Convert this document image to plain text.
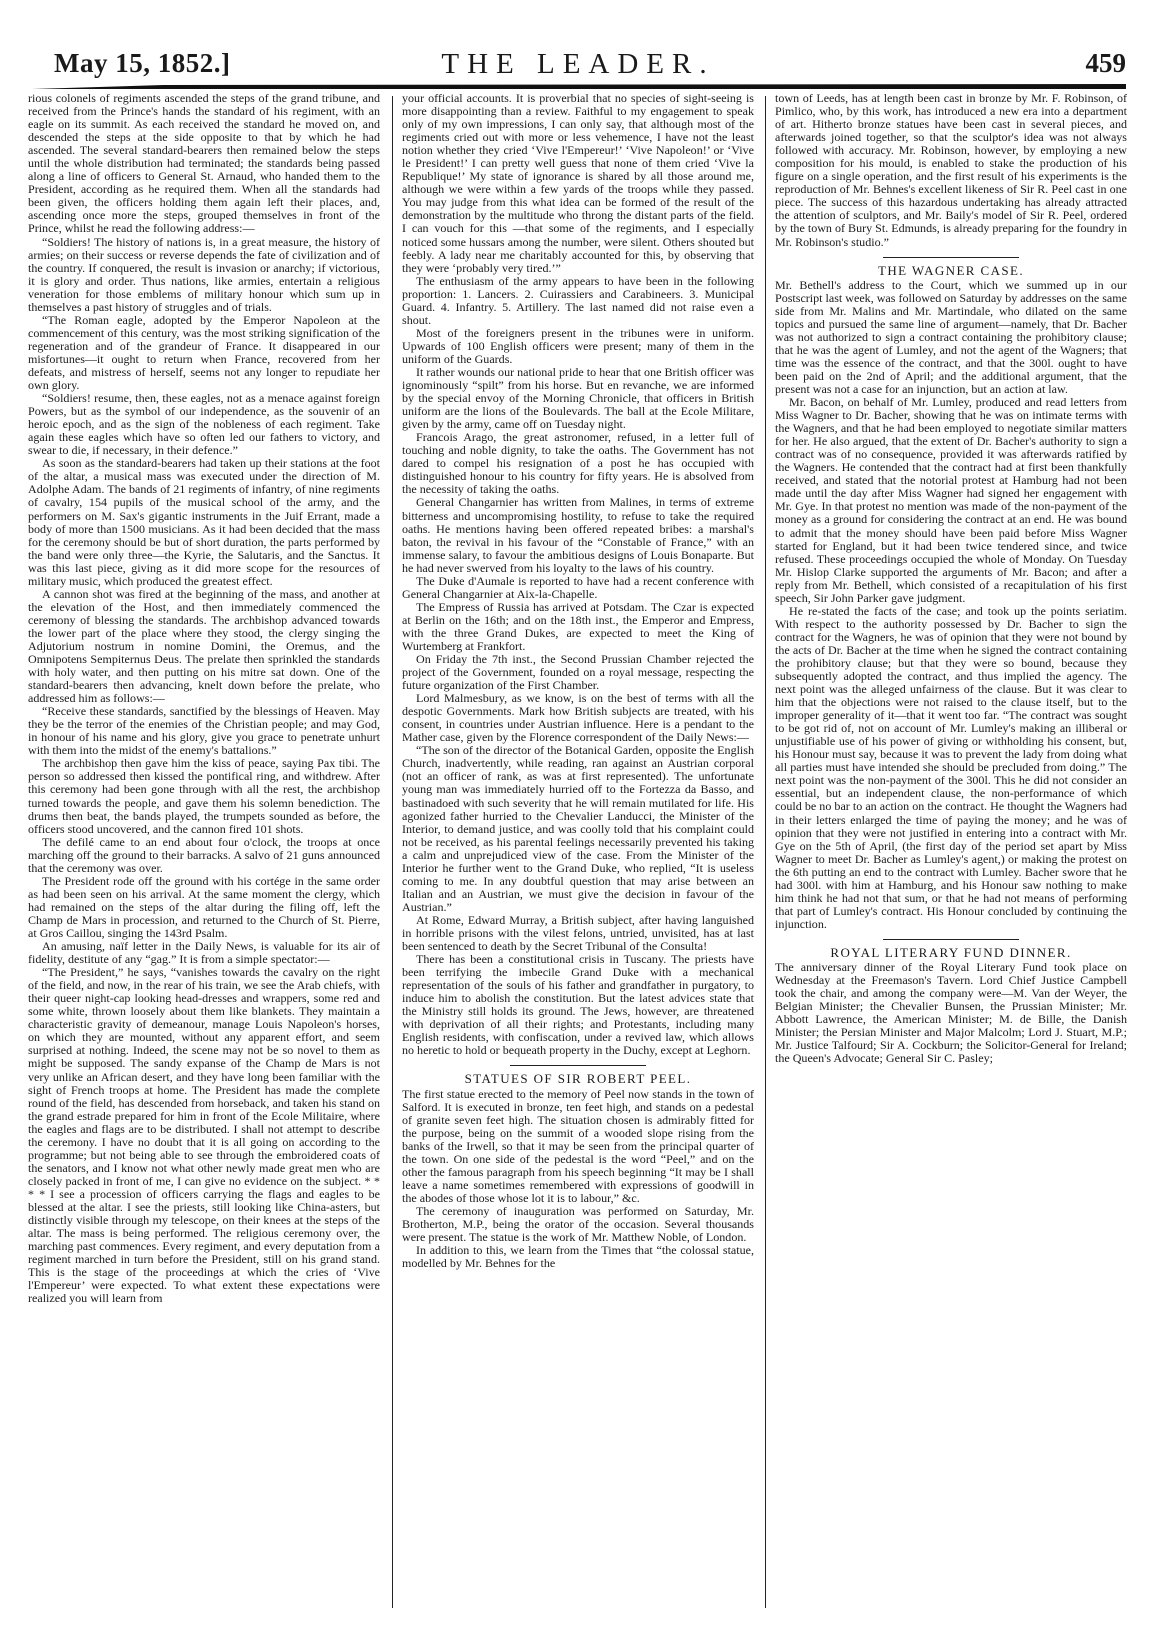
May 15, 1852.]	THE LEADER.	459

rious colonels of regiments ascended the steps of the grand tribune, and received from the Prince's hands the standard of his regiment, with an eagle on its summit. As each received the standard he moved on, and descended the steps at the side opposite to that by which he had ascended. The several standard-bearers then remained below the steps until the whole distribution had terminated; the standards being passed along a line of officers to General St. Arnaud, who handed them to the President, according as he required them. When all the standards had been given, the officers holding them again left their places, and, ascending once more the steps, grouped themselves in front of the Prince, whilst he read the following address:—

“Soldiers! The history of nations is, in a great measure, the history of armies; on their success or reverse depends the fate of civilization and of the country. If conquered, the result is invasion or anarchy; if victorious, it is glory and order. Thus nations, like armies, entertain a religious veneration for those emblems of military honour which sum up in themselves a past history of struggles and of trials.

“The Roman eagle, adopted by the Emperor Napoleon at the commencement of this century, was the most striking signification of the regeneration and of the grandeur of France. It disappeared in our misfortunes—it ought to return when France, recovered from her defeats, and mistress of herself, seems not any longer to repudiate her own glory.

“Soldiers! resume, then, these eagles, not as a menace against foreign Powers, but as the symbol of our independence, as the souvenir of an heroic epoch, and as the sign of the nobleness of each regiment. Take again these eagles which have so often led our fathers to victory, and swear to die, if necessary, in their defence.”

As soon as the standard-bearers had taken up their stations at the foot of the altar, a musical mass was executed under the direction of M. Adolphe Adam. The bands of 21 regiments of infantry, of nine regiments of cavalry, 154 pupils of the musical school of the army, and the performers on M. Sax's gigantic instruments in the Juif Errant, made a body of more than 1500 musicians. As it had been decided that the mass for the ceremony should be but of short duration, the parts performed by the band were only three—the Kyrie, the Salutaris, and the Sanctus. It was this last piece, giving as it did more scope for the resources of military music, which produced the greatest effect.

A cannon shot was fired at the beginning of the mass, and another at the elevation of the Host, and then immediately commenced the ceremony of blessing the standards. The archbishop advanced towards the lower part of the place where they stood, the clergy singing the Adjutorium nostrum in nomine Domini, the Oremus, and the Omnipotens Sempiternus Deus. The prelate then sprinkled the standards with holy water, and then putting on his mitre sat down. One of the standard-bearers then advancing, knelt down before the prelate, who addressed him as follows:—

“Receive these standards, sanctified by the blessings of Heaven. May they be the terror of the enemies of the Christian people; and may God, in honour of his name and his glory, give you grace to penetrate unhurt with them into the midst of the enemy's battalions.”

The archbishop then gave him the kiss of peace, saying Pax tibi. The person so addressed then kissed the pontifical ring, and withdrew. After this ceremony had been gone through with all the rest, the archbishop turned towards the people, and gave them his solemn benediction. The drums then beat, the bands played, the trumpets sounded as before, the officers stood uncovered, and the cannon fired 101 shots.

The defilé came to an end about four o'clock, the troops at once marching off the ground to their barracks. A salvo of 21 guns announced that the ceremony was over.

The President rode off the ground with his cortége in the same order as had been seen on his arrival. At the same moment the clergy, which had remained on the steps of the altar during the filing off, left the Champ de Mars in procession, and returned to the Church of St. Pierre, at Gros Caillou, singing the 143rd Psalm.

An amusing, naïf letter in the Daily News, is valuable for its air of fidelity, destitute of any “gag.” It is from a simple spectator:—

“The President,” he says, “vanishes towards the cavalry on the right of the field, and now, in the rear of his train, we see the Arab chiefs, with their queer night-cap looking head-dresses and wrappers, some red and some white, thrown loosely about them like blankets. They maintain a characteristic gravity of demeanour, manage Louis Napoleon's horses, on which they are mounted, without any apparent effort, and seem surprised at nothing. Indeed, the scene may not be so novel to them as might be supposed. The sandy expanse of the Champ de Mars is not very unlike an African desert, and they have long been familiar with the sight of French troops at home. The President has made the complete round of the field, has descended from horseback, and taken his stand on the grand estrade prepared for him in front of the Ecole Militaire, where the eagles and flags are to be distributed. I shall not attempt to describe the ceremony. I have no doubt that it is all going on according to the programme; but not being able to see through the embroidered coats of the senators, and I know not what other newly made great men who are closely packed in front of me, I can give no evidence on the subject. * * * * I see a procession of officers carrying the flags and eagles to be blessed at the altar. I see the priests, still looking like China-asters, but distinctly visible through my telescope, on their knees at the steps of the altar. The mass is being performed. The religious ceremony over, the marching past commences. Every regiment, and every deputation from a regiment marched in turn before the President, still on his grand stand. This is the stage of the proceedings at which the cries of ‘Vive l'Empereur’ were expected. To what extent these expectations were realized you will learn from

your official accounts. It is proverbial that no species of sight-seeing is more disappointing than a review. Faithful to my engagement to speak only of my own impressions, I can only say, that although most of the regiments cried out with more or less vehemence, I have not the least notion whether they cried ‘Vive l'Empereur!’ ‘Vive Napoleon!’ or ‘Vive le President!’ I can pretty well guess that none of them cried ‘Vive la Republique!’ My state of ignorance is shared by all those around me, although we were within a few yards of the troops while they passed. You may judge from this what idea can be formed of the result of the demonstration by the multitude who throng the distant parts of the field. I can vouch for this —that some of the regiments, and I especially noticed some hussars among the number, were silent. Others shouted but feebly. A lady near me charitably accounted for this, by observing that they were ‘probably very tired.’”

The enthusiasm of the army appears to have been in the following proportion: 1. Lancers. 2. Cuirassiers and Carabineers. 3. Municipal Guard. 4. Infantry. 5. Artillery. The last named did not raise even a shout.

Most of the foreigners present in the tribunes were in uniform. Upwards of 100 English officers were present; many of them in the uniform of the Guards.

It rather wounds our national pride to hear that one British officer was ignominously “spilt” from his horse. But en revanche, we are informed by the special envoy of the Morning Chronicle, that officers in British uniform are the lions of the Boulevards. The ball at the Ecole Militare, given by the army, came off on Tuesday night.

Francois Arago, the great astronomer, refused, in a letter full of touching and noble dignity, to take the oaths. The Government has not dared to compel his resignation of a post he has occupied with distinguished honour to his country for fifty years. He is absolved from the necessity of taking the oaths.

General Changarnier has written from Malines, in terms of extreme bitterness and uncompromising hostility, to refuse to take the required oaths. He mentions having been offered repeated bribes: a marshal's baton, the revival in his favour of the “Constable of France,” with an immense salary, to favour the ambitious designs of Louis Bonaparte. But he had never swerved from his loyalty to the laws of his country.

The Duke d'Aumale is reported to have had a recent conference with General Changarnier at Aix-la-Chapelle.

The Empress of Russia has arrived at Potsdam. The Czar is expected at Berlin on the 16th; and on the 18th inst., the Emperor and Empress, with the three Grand Dukes, are expected to meet the King of Wurtemberg at Frankfort.

On Friday the 7th inst., the Second Prussian Chamber rejected the project of the Government, founded on a royal message, respecting the future organization of the First Chamber.

Lord Malmesbury, as we know, is on the best of terms with all the despotic Governments. Mark how British subjects are treated, with his consent, in countries under Austrian influence. Here is a pendant to the Mather case, given by the Florence correspondent of the Daily News:—

“The son of the director of the Botanical Garden, opposite the English Church, inadvertently, while reading, ran against an Austrian corporal (not an officer of rank, as was at first represented). The unfortunate young man was immediately hurried off to the Fortezza da Basso, and bastinadoed with such severity that he will remain mutilated for life. His agonized father hurried to the Chevalier Landucci, the Minister of the Interior, to demand justice, and was coolly told that his complaint could not be received, as his parental feelings necessarily prevented his taking a calm and unprejudiced view of the case. From the Minister of the Interior he further went to the Grand Duke, who replied, “It is useless coming to me. In any doubtful question that may arise between an Italian and an Austrian, we must give the decision in favour of the Austrian.”

At Rome, Edward Murray, a British subject, after having languished in horrible prisons with the vilest felons, untried, unvisited, has at last been sentenced to death by the Secret Tribunal of the Consulta!

There has been a constitutional crisis in Tuscany. The priests have been terrifying the imbecile Grand Duke with a mechanical representation of the souls of his father and grandfather in purgatory, to induce him to abolish the constitution. But the latest advices state that the Ministry still holds its ground. The Jews, however, are threatened with deprivation of all their rights; and Protestants, including many English residents, with confiscation, under a revived law, which allows no heretic to hold or bequeath property in the Duchy, except at Leghorn.

STATUES OF SIR ROBERT PEEL.

The first statue erected to the memory of Peel now stands in the town of Salford. It is executed in bronze, ten feet high, and stands on a pedestal of granite seven feet high. The situation chosen is admirably fitted for the purpose, being on the summit of a wooded slope rising from the banks of the Irwell, so that it may be seen from the principal quarter of the town. On one side of the pedestal is the word “Peel,” and on the other the famous paragraph from his speech beginning “It may be I shall leave a name sometimes remembered with expressions of goodwill in the abodes of those whose lot it is to labour,” &c.

The ceremony of inauguration was performed on Saturday, Mr. Brotherton, M.P., being the orator of the occasion. Several thousands were present. The statue is the work of Mr. Matthew Noble, of London.

In addition to this, we learn from the Times that “the colossal statue, modelled by Mr. Behnes for the

town of Leeds, has at length been cast in bronze by Mr. F. Robinson, of Pimlico, who, by this work, has introduced a new era into a department of art. Hitherto bronze statues have been cast in several pieces, and afterwards joined together, so that the sculptor's idea was not always followed with accuracy. Mr. Robinson, however, by employing a new composition for his mould, is enabled to stake the production of his figure on a single operation, and the first result of his experiments is the reproduction of Mr. Behnes's excellent likeness of Sir R. Peel cast in one piece. The success of this hazardous undertaking has already attracted the attention of sculptors, and Mr. Baily's model of Sir R. Peel, ordered by the town of Bury St. Edmunds, is already preparing for the foundry in Mr. Robinson's studio.”

THE WAGNER CASE.

Mr. Bethell's address to the Court, which we summed up in our Postscript last week, was followed on Saturday by addresses on the same side from Mr. Malins and Mr. Martindale, who dilated on the same topics and pursued the same line of argument—namely, that Dr. Bacher was not authorized to sign a contract containing the prohibitory clause; that he was the agent of Lumley, and not the agent of the Wagners; that time was the essence of the contract, and that the 300l. ought to have been paid on the 2nd of April; and the additional argument, that the present was not a case for an injunction, but an action at law.

Mr. Bacon, on behalf of Mr. Lumley, produced and read letters from Miss Wagner to Dr. Bacher, showing that he was on intimate terms with the Wagners, and that he had been employed to negotiate similar matters for her. He also argued, that the extent of Dr. Bacher's authority to sign a contract was of no consequence, provided it was afterwards ratified by the Wagners. He contended that the contract had at first been thankfully received, and stated that the notorial protest at Hamburg had not been made until the day after Miss Wagner had signed her engagement with Mr. Gye. In that protest no mention was made of the non-payment of the money as a ground for considering the contract at an end. He was bound to admit that the money should have been paid before Miss Wagner started for England, but it had been twice tendered since, and twice refused. These proceedings occupied the whole of Monday. On Tuesday Mr. Hislop Clarke supported the arguments of Mr. Bacon; and after a reply from Mr. Bethell, which consisted of a recapitulation of his first speech, Sir John Parker gave judgment.

He re-stated the facts of the case; and took up the points seriatim. With respect to the authority possessed by Dr. Bacher to sign the contract for the Wagners, he was of opinion that they were not bound by the acts of Dr. Bacher at the time when he signed the contract containing the prohibitory clause; but that they were so bound, because they subsequently adopted the contract, and thus implied the agency. The next point was the alleged unfairness of the clause. But it was clear to him that the objections were not raised to the clause itself, but to the improper generality of it—that it went too far. “The contract was sought to be got rid of, not on account of Mr. Lumley's making an illiberal or unjustifiable use of his power of giving or withholding his consent, but, his Honour must say, because it was to prevent the lady from doing what all parties must have intended she should be precluded from doing.” The next point was the non-payment of the 300l. This he did not consider an essential, but an independent clause, the non-performance of which could be no bar to an action on the contract. He thought the Wagners had in their letters enlarged the time of paying the money; and he was of opinion that they were not justified in entering into a contract with Mr. Gye on the 5th of April, (the first day of the period set apart by Miss Wagner to meet Dr. Bacher as Lumley's agent,) or making the protest on the 6th putting an end to the contract with Lumley. Bacher swore that he had 300l. with him at Hamburg, and his Honour saw nothing to make him think he had not that sum, or that he had not means of performing that part of Lumley's contract. His Honour concluded by continuing the injunction.

ROYAL LITERARY FUND DINNER.

The anniversary dinner of the Royal Literary Fund took place on Wednesday at the Freemason's Tavern. Lord Chief Justice Campbell took the chair, and among the company were—M. Van der Weyer, the Belgian Minister; the Chevalier Bunsen, the Prussian Minister; Mr. Abbott Lawrence, the American Minister; M. de Bille, the Danish Minister; the Persian Minister and Major Malcolm; Lord J. Stuart, M.P.; Mr. Justice Talfourd; Sir A. Cockburn; the Solicitor-General for Ireland; the Queen's Advocate; General Sir C. Pasley;
